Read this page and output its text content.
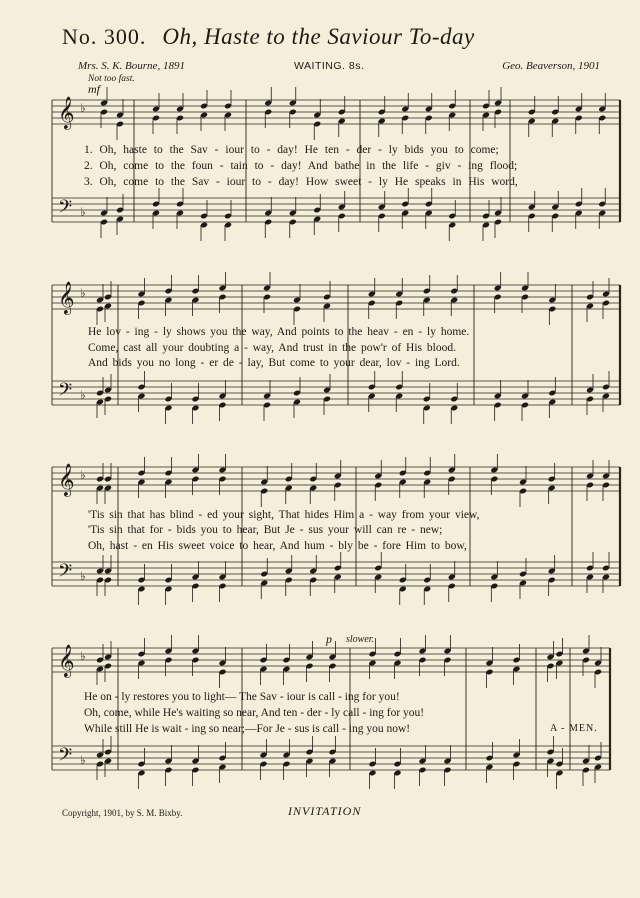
No. 300. Oh, Haste to the Saviour To-day
Mrs. S. K. Bourne, 1891	WAITING. 8s.	Geo. Beaverson, 1901
Not too fast.
mf
p slower.
𝄞 ♭
𝄢 ♭
𝄞 ♭
𝄢 ♭
𝄞 ♭
𝄢 ♭
𝄞 ♭
𝄢 ♭
1. Oh, haste to the Sav - iour to - day! He ten - der - ly bids you to come;
2. Oh, come to the foun - tain to - day! And bathe in the life - giv - ing flood;
3. Oh, come to the Sav - iour to - day! How sweet - ly He speaks in His word,
He lov - ing - ly shows you the way, And points to the heav - en - ly home.
Come, cast all your doubting a - way, And trust in the pow'r of His blood.
And bids you no long - er de - lay, But come to your dear, lov - ing Lord.
'Tis sin that has blind - ed your sight, That hides Him a - way from your view,
'Tis sin that for - bids you to hear, But Je - sus your will can re - new;
Oh, hast - en His sweet voice to hear, And hum - bly be - fore Him to bow,
He on - ly restores you to light— The Sav - iour is call - ing for you!
Oh, come, while He's waiting so near, And ten - der - ly call - ing for you!
While still He is wait - ing so near;—For Je - sus is call - ing you now!	A - MEN.
Copyright, 1901, by S. M. Bixby.	INVITATION
